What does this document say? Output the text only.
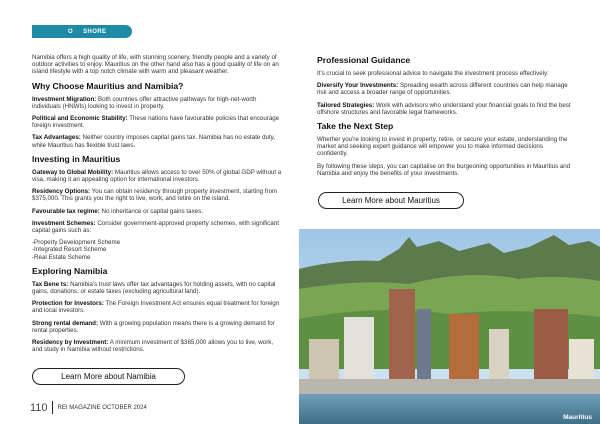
O SHORE

Namibia offers a high quality of life, with stunning scenery, friendly people and a variety of outdoor activities to enjoy. Mauritius on the other hand also has a good quality of life on an island lifestyle with a top notch climate with warm and pleasant weather.

Why Choose Mauritius and Namibia?

Investment Migration: Both countries offer attractive pathways for high-net-worth individuals (HNWIs) looking to invest in property.

Political and Economic Stability: These nations have favourable policies that encourage foreign investment.

Tax Advantages: Neither country imposes capital gains tax. Namibia has no estate duty, while Mauritius has flexible trust laws.

Investing in Mauritius

Gateway to Global Mobility: Mauritius allows access to over 50% of global GDP without a visa, making it an appealing option for international investors.

Residency Options: You can obtain residency through property investment, starting from $375,000. This grants you the right to live, work, and retire on the island.

Favourable tax regime: No inheritance or capital gains taxes.

Investment Schemes: Consider government-approved property schemes, with significant capital gains such as:

-Property Development Scheme
-Integrated Resort Scheme
-Real Estate Scheme

Exploring Namibia

Tax Bene ts: Namibia's trust laws offer tax advantages for holding assets, with no capital gains, donations, or estate taxes (excluding agricultural land).

Protection for Investors: The Foreign Investment Act ensures equal treatment for foreign and local investors.

Strong rental demand: With a growing population means there is a growing demand for rental properties.

Residency by Investment: A minimum investment of $365,000 allows you to live, work, and study in Namibia without restrictions.

Learn More about Namibia
Professional Guidance

It's crucial to seek professional advice to navigate the investment process effectively:

Diversify Your Investments: Spreading wealth across different countries can help manage risk and access a broader range of opportunities.

Tailored Strategies: Work with advisors who understand your financial goals to find the best offshore structures and favorable legal frameworks.

Take the Next Step

Whether you're looking to invest in property, retire, or secure your estate, understanding the market and seeking expert guidance will empower you to make informed decisions confidently.

By following these steps, you can capitalise on the burgeoning opportunities in Mauritius and Namibia and enjoy the benefits of your investments.

Learn More about Mauritius
Mauritius
110 REI MAGAZINE OCTOBER 2024
